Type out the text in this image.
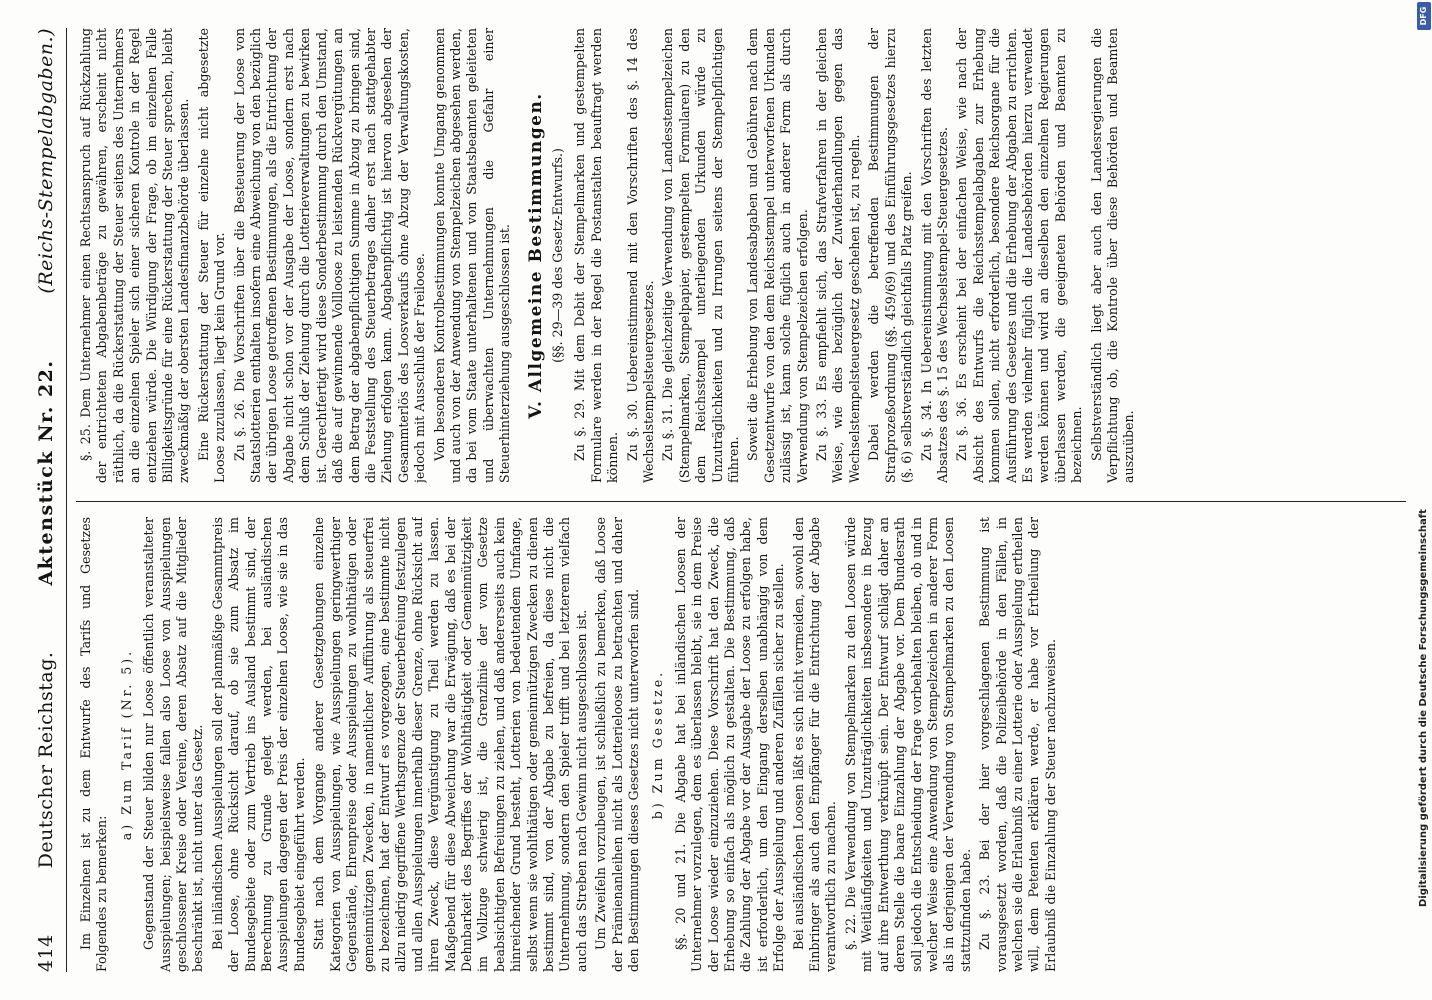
414
Deutscher Reichstag.
Aktenstück Nr. 22.
(Reichs-Stempelabgaben.)

Im Einzelnen ist zu dem Entwurfe des Tarifs und Gesetzes Folgendes zu bemerken:

a) Zum Tarif (Nr. 5). Gegenstand der Steuer bilden nur Loose öffentlich veranstalteter Ausspielungen; beispielsweise fallen also Loose von Ausspielungen geschlossener Kreise oder Vereine, deren Absatz auf die Mitglieder beschränkt ist, nicht unter das Gesetz. Bei inländischen Ausspielungen soll der planmäßige Gesammtpreis der Loose, ohne Rücksicht darauf, ob sie zum Absatz im Bundesgebiete oder zum Vertrieb ins Ausland bestimmt sind, der Berechnung zu Grunde gelegt werden, bei ausländischen Ausspielungen dagegen der Preis der einzelnen Loose, wie sie in das Bundesgebiet eingeführt werden. Statt nach dem Vorgange anderer Gesetzgebungen einzelne Kategorien von Ausspielungen, wie Ausspielungen geringwerthiger Gegenstände, Ehrenpreise oder Ausspielungen zu wohlthätigen oder gemeinnützigen Zwecken, in namentlicher Aufführung als steuerfrei zu bezeichnen, hat der Entwurf es vorgezogen, eine bestimmte nicht allzu niedrig gegriffene Werthsgrenze der Steuerbefreiung festzulegen und allen Ausspielungen innerhalb dieser Grenze, ohne Rücksicht auf ihren Zweck, diese Vergünstigung zu Theil werden zu lassen. Maßgebend für diese Abweichung war die Erwägung, daß es bei der Dehnbarkeit des Begriffes der Wohlthätigkeit oder Gemeinnützigkeit im Vollzuge schwierig ist, die Grenzlinie der vom Gesetze beabsichtigten Befreiungen zu ziehen, und daß andererseits auch kein hinreichender Grund besteht, Lotterien von bedeutendem Umfange, selbst wenn sie wohlthätigen oder gemeinnützigen Zwecken zu dienen bestimmt sind, von der Abgabe zu befreien, da diese nicht die Unternehmung, sondern den Spieler trifft und bei letzterem vielfach auch das Streben nach Gewinn nicht ausgeschlossen ist. Um Zweifeln vorzubeugen, ist schließlich zu bemerken, daß Loose der Prämienanleihen nicht als Lotterieloose zu betrachten und daher den Bestimmungen dieses Gesetzes nicht unterworfen sind. b) Zum Gesetze. §§. 20 und 21. Die Abgabe hat bei inländischen Loosen der Unternehmer vorzulegen, dem es überlassen bleibt, sie in dem Preise der Loose wieder einzuziehen. Diese Vorschrift hat den Zweck, die Erhebung so einfach als möglich zu gestalten. Die Bestimmung, daß die Zahlung der Abgabe vor der Ausgabe der Loose zu erfolgen habe, ist erforderlich, um den Eingang derselben unabhängig von dem Erfolge der Ausspielung und anderen Zufällen sicher zu stellen. Bei ausländischen Loosen läßt es sich nicht vermeiden, sowohl den Einbringer als auch den Empfänger für die Entrichtung der Abgabe verantwortlich zu machen. §. 22. Die Verwendung von Stempelmarken zu den Loosen würde mit Weitläufigkeiten und Unzuträglichkeiten insbesondere in Bezug auf ihre Entwerthung verknüpft sein. Der Entwurf schlägt daher an deren Stelle die baare Einzahlung der Abgabe vor. Dem Bundesrath soll jedoch die Entscheidung der Frage vorbehalten bleiben, ob und in welcher Weise eine Anwendung von Stempelzeichen in anderer Form als in derjenigen der Verwendung von Stempelmarken zu den Loosen stattzufinden habe. Zu §. 23. Bei der hier vorgeschlagenen Bestimmung ist vorausgesetzt worden, daß die Polizeibehörde in den Fällen, in welchen sie die Erlaubniß zu einer Lotterie oder Ausspielung ertheilen will, dem Petenten erklären werde, er habe vor Ertheilung der Erlaubniß die Einzahlung der Steuer nachzuweisen.

§. 25. Dem Unternehmer einen Rechtsanspruch auf Rückzahlung der entrichteten Abgabenbeträge zu gewähren, erscheint nicht räthlich, da die Rückerstattung der Steuer seitens des Unternehmers an die einzelnen Spieler sich einer sicheren Kontrole in der Regel entziehen würde. Die Würdigung der Frage, ob im einzelnen Falle Billigkeitsgründe für eine Rückerstattung der Steuer sprechen, bleibt zweckmäßig der obersten Landesfinanzbehörde überlassen. Eine Rückerstattung der Steuer für einzelne nicht abgesetzte Loose zuzulassen, liegt kein Grund vor. Zu §. 26. Die Vorschriften über die Besteuerung der Loose von Staatslotterien enthalten insofern eine Abweichung von den bezüglich der übrigen Loose getroffenen Bestimmungen, als die Entrichtung der Abgabe nicht schon vor der Ausgabe der Loose, sondern erst nach dem Schluß der Ziehung durch die Lotterieverwaltungen zu bewirken ist. Gerechtfertigt wird diese Sonderbestimmung durch den Umstand, daß die auf gewinnende Vollloose zu leistenden Rückvergütungen an dem Betrag der abgabenpflichtigen Summe in Abzug zu bringen sind, die Feststellung des Steuerbetrages daher erst nach stattgehabter Ziehung erfolgen kann. Abgabenpflichtig ist hiervon abgesehen der Gesammterlös des Loosverkaufs ohne Abzug der Verwaltungskosten, jedoch mit Ausschluß der Freiloose. Von besonderen Kontrolbestimmungen konnte Umgang genommen und auch von der Anwendung von Stempelzeichen abgesehen werden, da bei vom Staate unterhaltenen und von Staatsbeamten geleiteten und überwachten Unternehmungen die Gefahr einer Steuerhinterziehung ausgeschlossen ist. V. Allgemeine Bestimmungen. (§§. 29—39 des Gesetz-Entwurfs.) Zu §. 29. Mit dem Debit der Stempelmarken und gestempelten Formulare werden in der Regel die Postanstalten beauftragt werden können. Zu §. 30. Uebereinstimmend mit den Vorschriften des §. 14 des Wechselstempelsteuergesetzes. Zu §. 31. Die gleichzeitige Verwendung von Landesstempelzeichen (Stempelmarken, Stempelpapier, gestempelten Formularen) zu den dem Reichsstempel unterliegenden Urkunden würde zu Unzuträglichkeiten und zu Irrungen seitens der Stempelpflichtigen führen. Soweit die Erhebung von Landesabgaben und Gebühren nach dem Gesetzentwurfe von den dem Reichsstempel unterworfenen Urkunden zulässig ist, kann solche füglich auch in anderer Form als durch Verwendung von Stempelzeichen erfolgen. Zu §. 33. Es empfiehlt sich, das Strafverfahren in der gleichen Weise, wie dies bezüglich der Zuwiderhandlungen gegen das Wechselstempelsteuergesetz geschehen ist, zu regeln. Dabei werden die betreffenden Bestimmungen der Strafprozeßordnung (§§. 459/69) und des Einführungsgesetzes hierzu (§. 6) selbstverständlich gleichfalls Platz greifen. Zu §. 34. In Uebereinstimmung mit den Vorschriften des letzten Absatzes des §. 15 des Wechselstempel-Steuergesetzes. Zu §. 36. Es erscheint bei der einfachen Weise, wie nach der Absicht des Entwurfs die Reichsstempelabgaben zur Erhebung kommen sollen, nicht erforderlich, besondere Reichsorgane für die Ausführung des Gesetzes und die Erhebung der Abgaben zu errichten. Es werden vielmehr füglich die Landesbehörden hierzu verwendet werden können und wird an dieselben den einzelnen Regierungen überlassen werden, die geeigneten Behörden und Beamten zu bezeichnen. Selbstverständlich liegt aber auch den Landesregierungen die Verpflichtung ob, die Kontrole über diese Behörden und Beamten auszuüben.

Digitalisierung gefördert durch die Deutsche Forschungsgemeinschaft
DFG
